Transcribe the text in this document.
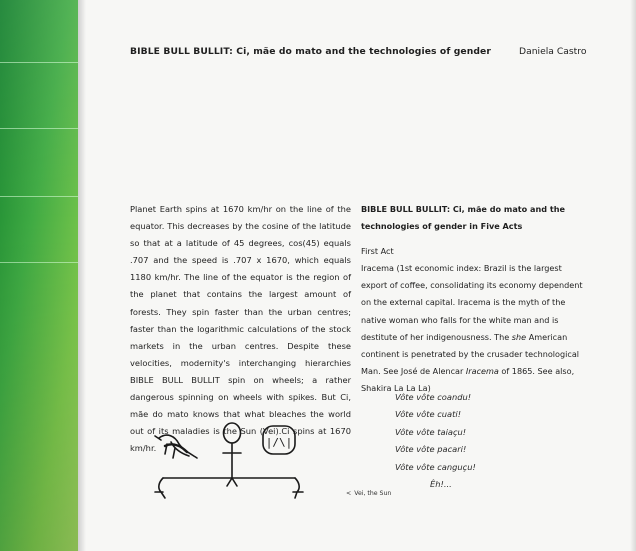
BIBLE BULL BULLIT: Ci, mãe do mato and the technologies of gender	Daniela Castro

Planet Earth spins at 1670 km/hr on the line of the equator. This decreases by the cosine of the latitude so that at a latitude of 45 degrees, cos(45) equals .707 and the speed is .707 x 1670, which equals 1180 km/hr. The line of the equator is the region of the planet that contains the largest amount of forests. They spin faster than the urban centres; faster than the logarithmic calculations of the stock markets in the urban centres. Despite these velocities, modernity's interchanging hierarchies BIBLE BULL BULLIT spin on wheels; a rather dangerous spinning on wheels with spikes. But Ci, mãe do mato knows that what bleaches the world out of its maladies is the Sun (Vei).Ci spins at 1670 km/hr.

BIBLE BULL BULLIT: Ci, mãe do mato and the technologies of gender in Five Acts

First Act

Iracema (1st economic index: Brazil is the largest export of coffee, consolidating its economy dependent on the external capital. Iracema is the myth of the native woman who falls for the white man and is destitute of her indigenousness. The she American continent is penetrated by the crusader technological Man. See José de Alencar Iracema of 1865. See also, Shakira La La La)

Vôte vôte coandu!
Vôte vôte cuati!
Vôte vôte taiaçu!
Vôte vôte pacari!
Vôte vôte canguçu!
Êh!...
< Vei, the Sun
|/\|
